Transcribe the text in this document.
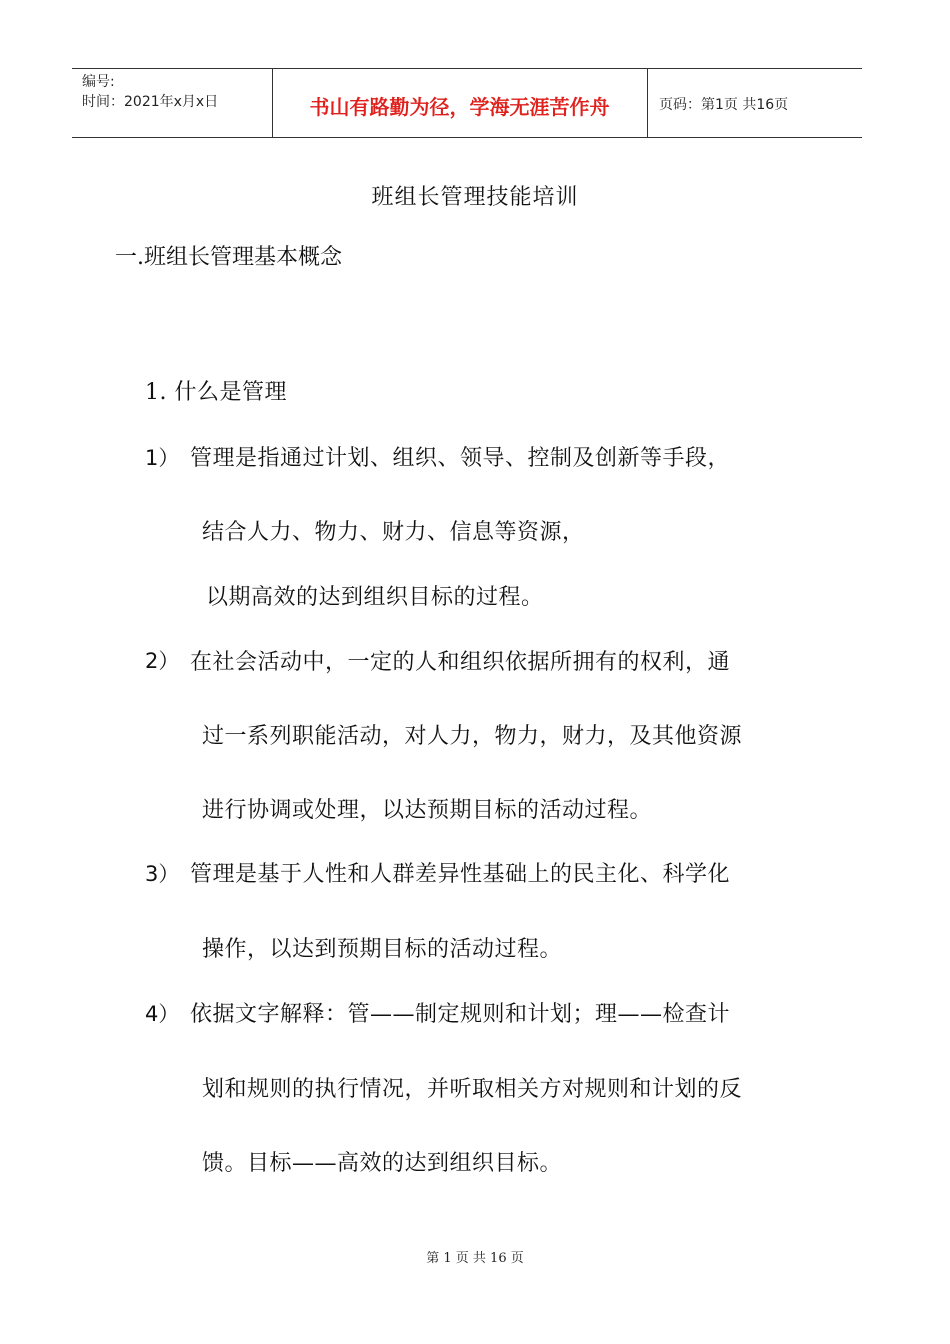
编号:
时间：2021年x月x日	书山有路勤为径，学海无涯苦作舟	页码：第1页 共16页
班组长管理技能培训
一.班组长管理基本概念
1. 什么是管理
1） 管理是指通过计划、组织、领导、控制及创新等手段，
结合人力、物力、财力、信息等资源，
以期高效的达到组织目标的过程。
2） 在社会活动中，一定的人和组织依据所拥有的权利，通
过一系列职能活动，对人力，物力，财力，及其他资源
进行协调或处理，以达预期目标的活动过程。
3） 管理是基于人性和人群差异性基础上的民主化、科学化
操作，以达到预期目标的活动过程。
4） 依据文字解释：管——制定规则和计划；理——检查计
划和规则的执行情况，并听取相关方对规则和计划的反
馈。目标——高效的达到组织目标。
第 1 页 共 16 页
